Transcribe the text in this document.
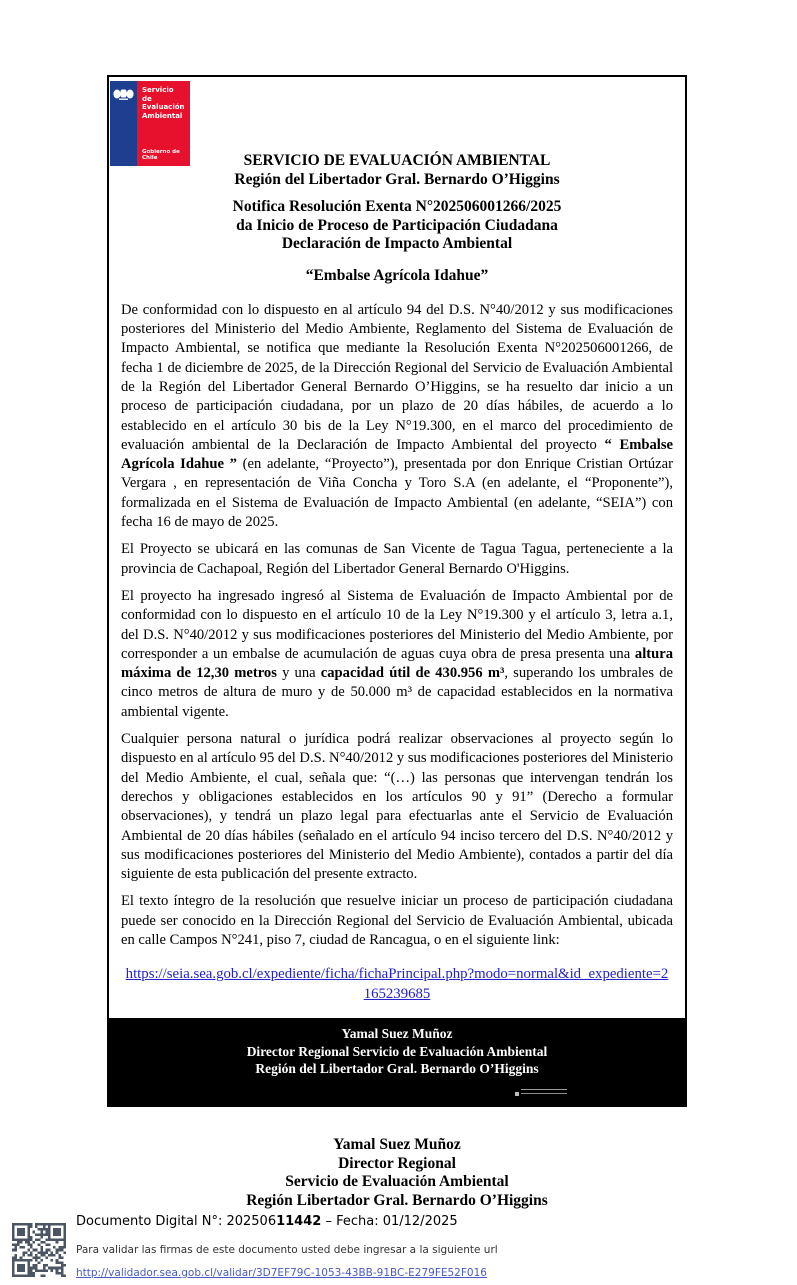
Servicio
de Evaluación
Ambiental
Gobierno de Chile	SERVICIO DE EVALUACIÓN AMBIENTAL
Región del Libertador Gral. Bernardo O’Higgins
Notifica Resolución Exenta N°202506001266/2025
da Inicio de Proceso de Participación Ciudadana
Declaración de Impacto Ambiental
“Embalse Agrícola Idahue”

De conformidad con lo dispuesto en al artículo 94 del D.S. N°40/2012 y sus modificaciones posteriores del Ministerio del Medio Ambiente, Reglamento del Sistema de Evaluación de Impacto Ambiental, se notifica que mediante la Resolución Exenta N°202506001266, de fecha 1 de diciembre de 2025, de la Dirección Regional del Servicio de Evaluación Ambiental de la Región del Libertador General Bernardo O’Higgins, se ha resuelto dar inicio a un proceso de participación ciudadana, por un plazo de 20 días hábiles, de acuerdo a lo establecido en el artículo 30 bis de la Ley N°19.300, en el marco del procedimiento de evaluación ambiental de la Declaración de Impacto Ambiental del proyecto “ Embalse Agrícola Idahue ” (en adelante, “Proyecto”), presentada por don Enrique Cristian Ortúzar Vergara , en representación de Viña Concha y Toro S.A (en adelante, el “Proponente”), formalizada en el Sistema de Evaluación de Impacto Ambiental (en adelante, “SEIA”) con fecha 16 de mayo de 2025.

El Proyecto se ubicará en las comunas de San Vicente de Tagua Tagua, perteneciente a la provincia de Cachapoal, Región del Libertador General Bernardo O'Higgins.

El proyecto ha ingresado ingresó al Sistema de Evaluación de Impacto Ambiental por de conformidad con lo dispuesto en el artículo 10 de la Ley N°19.300 y el artículo 3, letra a.1, del D.S. N°40/2012 y sus modificaciones posteriores del Ministerio del Medio Ambiente, por corresponder a un embalse de acumulación de aguas cuya obra de presa presenta una altura máxima de 12,30 metros y una capacidad útil de 430.956 m³, superando los umbrales de cinco metros de altura de muro y de 50.000 m³ de capacidad establecidos en la normativa ambiental vigente.

Cualquier persona natural o jurídica podrá realizar observaciones al proyecto según lo dispuesto en al artículo 95 del D.S. N°40/2012 y sus modificaciones posteriores del Ministerio del Medio Ambiente, el cual, señala que: “(…) las personas que intervengan tendrán los derechos y obligaciones establecidos en los artículos 90 y 91” (Derecho a formular observaciones), y tendrá un plazo legal para efectuarlas ante el Servicio de Evaluación Ambiental de 20 días hábiles (señalado en el artículo 94 inciso tercero del D.S. N°40/2012 y sus modificaciones posteriores del Ministerio del Medio Ambiente), contados a partir del día siguiente de esta publicación del presente extracto.

El texto íntegro de la resolución que resuelve iniciar un proceso de participación ciudadana puede ser conocido en la Dirección Regional del Servicio de Evaluación Ambiental, ubicada en calle Campos N°241, piso 7, ciudad de Rancagua, o en el siguiente link:

https://seia.sea.gob.cl/expediente/ficha/fichaPrincipal.php?modo=normal&id_expediente=2165239685
Yamal Suez Muñoz
Director Regional Servicio de Evaluación Ambiental
Región del Libertador Gral. Bernardo O’Higgins
Yamal Suez Muñoz
Director Regional
Servicio de Evaluación Ambiental
Región Libertador Gral. Bernardo O’Higgins
Documento Digital N°: 20250611442 – Fecha: 01/12/2025
Para validar las firmas de este documento usted debe ingresar a la siguiente url
http://validador.sea.gob.cl/validar/3D7EF79C-1053-43BB-91BC-E279FE52F016
